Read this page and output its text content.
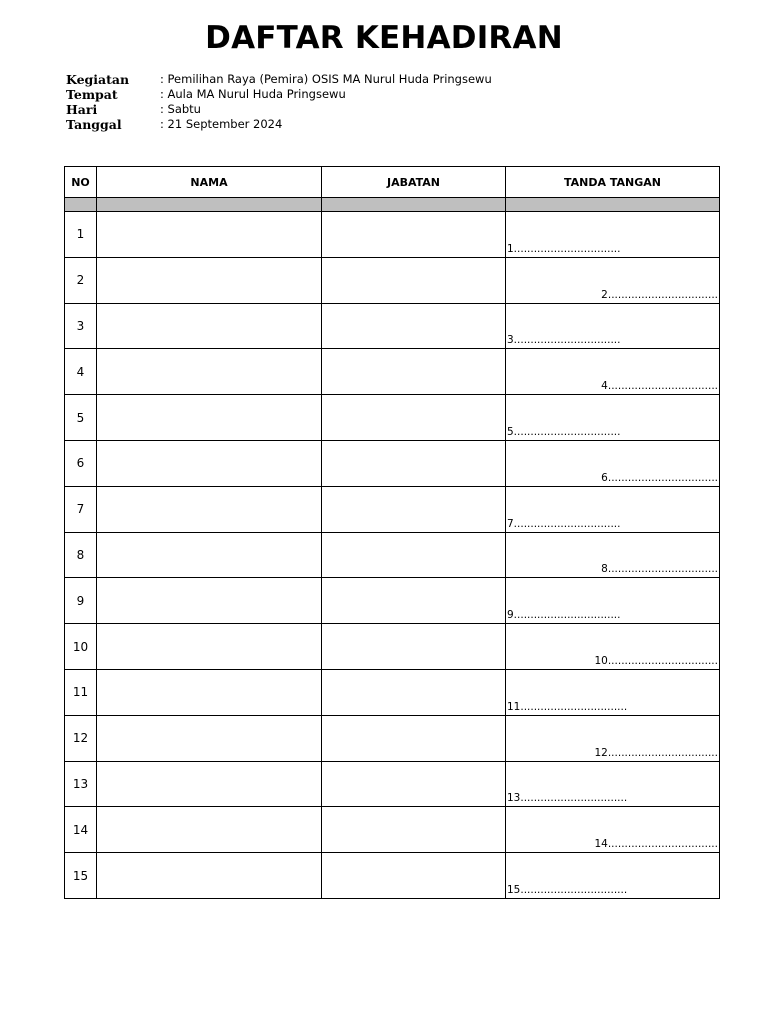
DAFTAR KEHADIRAN
Kegiatan	: Pemilihan Raya (Pemira) OSIS MA Nurul Huda Pringsewu
Tempat	: Aula MA Nurul Huda Pringsewu
Hari	: Sabtu
Tanggal	: 21 September 2024
NO	NAMA	JABATAN	TANDA TANGAN

1			1................................

2			2.................................

3			3................................

4			4.................................

5			5................................

6			6.................................

7			7................................

8			8.................................

9			9................................

10			10.................................

11			11................................

12			12.................................

13			13................................

14			14.................................

15			15................................
